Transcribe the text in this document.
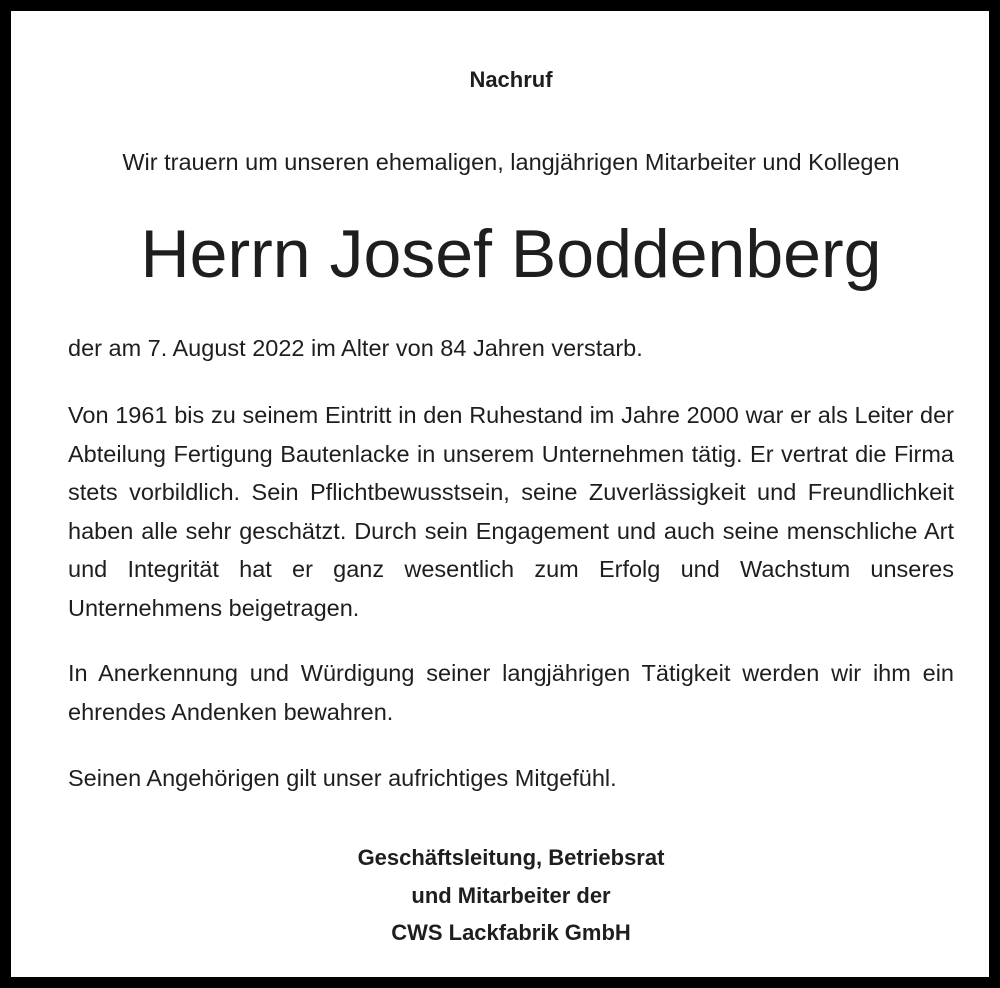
Nachruf
Wir trauern um unseren ehemaligen, langjährigen Mitarbeiter und Kollegen
Herrn Josef Boddenberg

der am 7. August 2022 im Alter von 84 Jahren verstarb.

Von 1961 bis zu seinem Eintritt in den Ruhestand im Jahre 2000 war er als Leiter der Abteilung Fertigung Bautenlacke in unserem Unternehmen tätig. Er vertrat die Firma stets vorbildlich. Sein Pflichtbewusstsein, seine Zuverlässigkeit und Freundlichkeit haben alle sehr geschätzt. Durch sein Engagement und auch seine menschliche Art und Integrität hat er ganz wesentlich zum Erfolg und Wachstum unseres Unternehmens beigetragen.

In Anerkennung und Würdigung seiner langjährigen Tätigkeit werden wir ihm ein ehrendes Andenken bewahren.

Seinen Angehörigen gilt unser aufrichtiges Mitgefühl.

Geschäftsleitung, Betriebsrat
und Mitarbeiter der
CWS Lackfabrik GmbH
